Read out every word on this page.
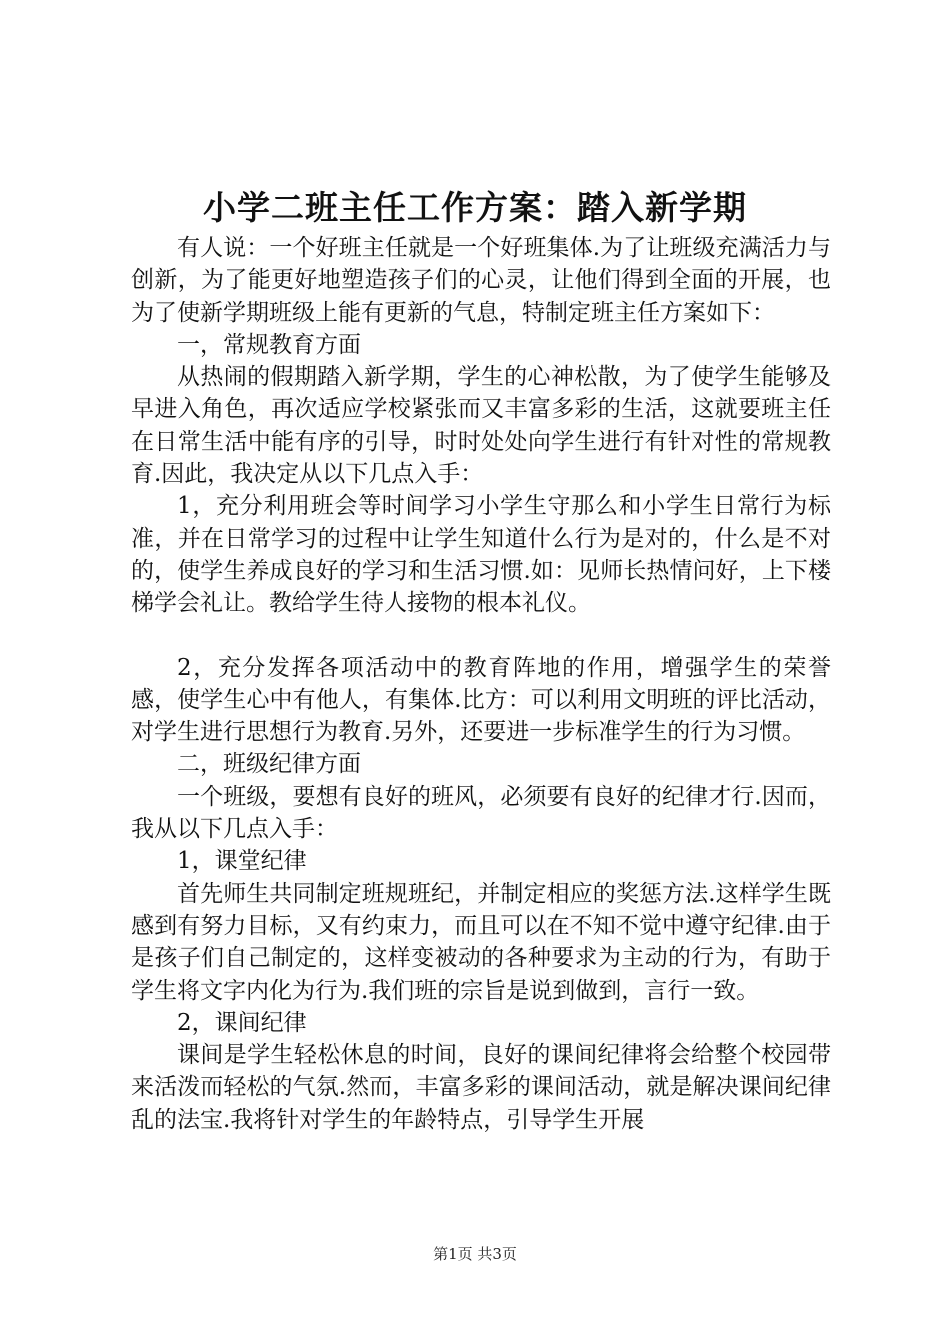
小学二班主任工作方案：踏入新学期

有人说：一个好班主任就是一个好班集体.为了让班级充满活力与创新，为了能更好地塑造孩子们的心灵，让他们得到全面的开展，也为了使新学期班级上能有更新的气息，特制定班主任方案如下：

一，常规教育方面

从热闹的假期踏入新学期，学生的心神松散，为了使学生能够及早进入角色，再次适应学校紧张而又丰富多彩的生活，这就要班主任在日常生活中能有序的引导，时时处处向学生进行有针对性的常规教育.因此，我决定从以下几点入手：

1，充分利用班会等时间学习小学生守那么和小学生日常行为标准，并在日常学习的过程中让学生知道什么行为是对的，什么是不对的，使学生养成良好的学习和生活习惯.如：见师长热情问好，上下楼梯学会礼让。教给学生待人接物的根本礼仪。

2，充分发挥各项活动中的教育阵地的作用，增强学生的荣誉感，使学生心中有他人，有集体.比方：可以利用文明班的评比活动，对学生进行思想行为教育.另外，还要进一步标准学生的行为习惯。

二，班级纪律方面

一个班级，要想有良好的班风，必须要有良好的纪律才行.因而，我从以下几点入手：

1，课堂纪律

首先师生共同制定班规班纪，并制定相应的奖惩方法.这样学生既感到有努力目标，又有约束力，而且可以在不知不觉中遵守纪律.由于是孩子们自己制定的，这样变被动的各种要求为主动的行为，有助于学生将文字内化为行为.我们班的宗旨是说到做到，言行一致。

2，课间纪律

课间是学生轻松休息的时间，良好的课间纪律将会给整个校园带来活泼而轻松的气氛.然而，丰富多彩的课间活动，就是解决课间纪律乱的法宝.我将针对学生的年龄特点，引导学生开展

第1页 共3页
